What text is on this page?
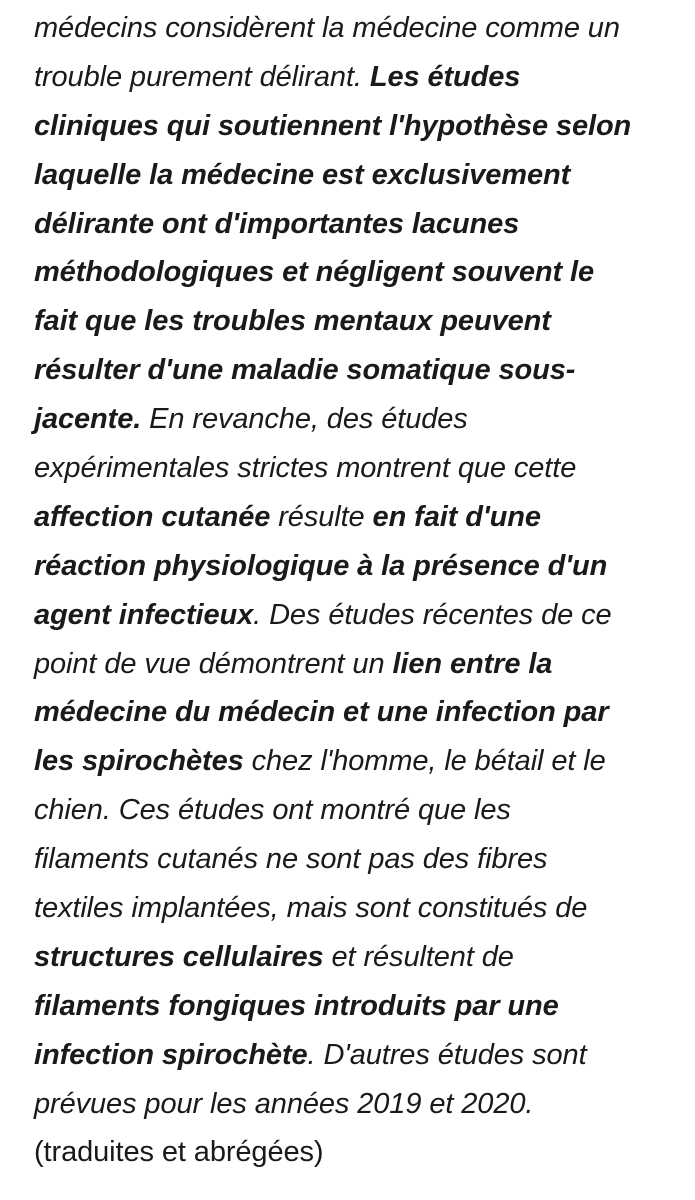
médecins considèrent la médecine comme un
trouble purement délirant. Les études
cliniques qui soutiennent l'hypothèse selon
laquelle la médecine est exclusivement
délirante ont d'importantes lacunes
méthodologiques et négligent souvent le
fait que les troubles mentaux peuvent
résulter d'une maladie somatique sous-
jacente. En revanche, des études
expérimentales strictes montrent que cette
affection cutanée résulte en fait d'une
réaction physiologique à la présence d'un
agent infectieux. Des études récentes de ce
point de vue démontrent un lien entre la
médecine du médecin et une infection par
les spirochètes chez l'homme, le bétail et le
chien. Ces études ont montré que les
filaments cutanés ne sont pas des fibres
textiles implantées, mais sont constitués de
structures cellulaires et résultent de
filaments fongiques introduits par une
infection spirochète. D'autres études sont
prévues pour les années 2019 et 2020.
(traduites et abrégées)
